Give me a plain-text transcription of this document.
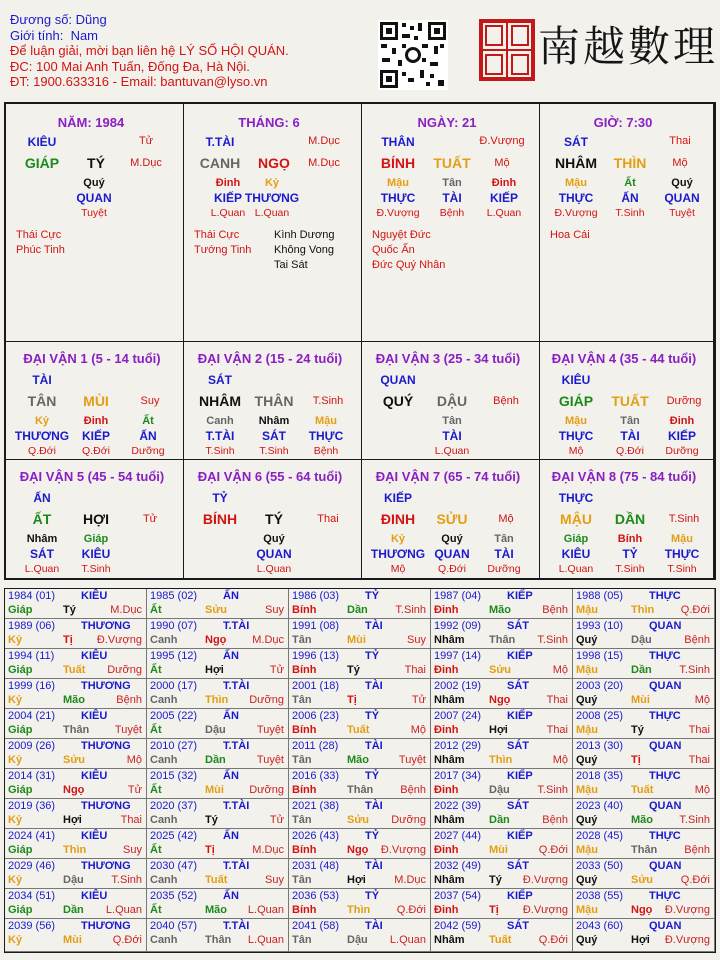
Đương số: Dũng
Giới tính: Nam
Để luận giải, mời bạn liên hệ LÝ SỐ HỘI QUÁN.
ĐC: 100 Mai Anh Tuấn, Đống Đa, Hà Nội.
ĐT: 1900.633316 - Email: bantuvan@lyso.vn
南越數理
NĂM: 1984
KIÊU	Tử
GIÁP TÝ M.Dục
Quý
QUAN
Tuyệt
Thái Cực
Phúc Tinh
THÁNG: 6
T.TÀI	M.Dục
CANH NGỌ M.Dục
Đinh
KIẾP
L.Quan
Kỷ
THƯƠNG
L.Quan
Thái Cực
Tướng Tinh
Kình Dương
Không Vong
Tai Sát
NGÀY: 21
THÂN	Đ.Vượng
BÍNH TUẤT Mộ
Mậu
THỰC
Đ.Vượng
Tân
TÀI
Bệnh
Đinh
KIẾP
L.Quan
Nguyệt Đức
Quốc Ấn
Đức Quý Nhân
GIỜ: 7:30
SÁT	Thai
NHÂM THÌN Mộ
Mậu
THỰC
Đ.Vượng
Ất
ẤN
T.Sinh
Quý
QUAN
Tuyệt
Hoa Cái
ĐẠI VẬN 1 (5 - 14 tuổi)
TÀI
TÂN MÙI	Suy
Kỷ
THƯƠNG
Q.Đới
Đinh
KIẾP
Q.Đới
Ất
ẤN
Dưỡng
ĐẠI VẬN 2 (15 - 24 tuổi)
SÁT
NHÂM THÂN T.Sinh
Canh
T.TÀI
T.Sinh
Nhâm
SÁT
T.Sinh
Mậu
THỰC
Bệnh
ĐẠI VẬN 3 (25 - 34 tuổi)
QUAN
QUÝ DẬU Bệnh
Tân
TÀI
L.Quan
ĐẠI VẬN 4 (35 - 44 tuổi)
KIÊU
GIÁP TUẤT Dưỡng
Mậu
THỰC
Mộ
Tân
TÀI
Q.Đới
Đinh
KIẾP
Dưỡng
ĐẠI VẬN 5 (45 - 54 tuổi)
ẤN
ẤT HỢI	Tử
Nhâm
SÁT
L.Quan
Giáp
KIÊU
T.Sinh
ĐẠI VẬN 6 (55 - 64 tuổi)
TỶ
BÍNH TÝ	Thai
Quý
QUAN
L.Quan
ĐẠI VẬN 7 (65 - 74 tuổi)
KIẾP
ĐINH SỬU	Mộ
Kỷ
THƯƠNG
Mộ
Quý
QUAN
Q.Đới
Tân
TÀI
Dưỡng
ĐẠI VẬN 8 (75 - 84 tuổi)
THỰC
MẬU DẦN T.Sinh
Giáp
KIÊU
L.Quan
Bính
TỶ
T.Sinh
Mậu
THỰC
T.Sinh
1984 (01) KIÊU
Giáp	Tý	M.Dục
1985 (02) ẤN
Ất	Sửu	Suy
1986 (03) TỶ
Bính	Dần	T.Sinh
1987 (04) KIẾP
Đinh	Mão	Bệnh
1988 (05) THỰC
Mậu	Thìn Q.Đới
1989 (06) THƯƠNG
Kỷ	Tị Đ.Vượng
1990 (07) T.TÀI
Canh	Ngọ M.Dục
1991 (08) TÀI
Tân	Mùi	Suy
1992 (09) SÁT
Nhâm Thân T.Sinh
1993 (10) QUAN
Quý	Dậu	Bệnh
1994 (11) KIÊU
Giáp	Tuất Dưỡng
1995 (12) ẤN
Ất	Hợi	Tử
1996 (13) TỶ
Bính	Tý	Thai
1997 (14) KIẾP
Đinh	Sửu	Mộ
1998 (15) THỰC
Mậu	Dần	T.Sinh
1999 (16) THƯƠNG
Kỷ	Mão	Bệnh
2000 (17) T.TÀI
Canh	Thìn Dưỡng
2001 (18) TÀI
Tân	Tị	Tử
2002 (19) SÁT
Nhâm Ngọ	Thai
2003 (20) QUAN
Quý	Mùi	Mộ
2004 (21) KIÊU
Giáp	Thân Tuyệt
2005 (22) ẤN
Ất	Dậu	Tuyệt
2006 (23) TỶ
Bính	Tuất	Mộ
2007 (24) KIẾP
Đinh	Hợi	Thai
2008 (25) THỰC
Mậu	Tý	Thai
2009 (26) THƯƠNG
Kỷ	Sửu	Mộ
2010 (27) T.TÀI
Canh	Dần	Tuyệt
2011 (28) TÀI
Tân	Mão	Tuyệt
2012 (29) SÁT
Nhâm Thìn	Mộ
2013 (30) QUAN
Quý	Tị	Thai
2014 (31) KIÊU
Giáp	Ngọ	Tử
2015 (32) ẤN
Ất	Mùi Dưỡng
2016 (33) TỶ
Bính	Thân Bệnh
2017 (34) KIẾP
Đinh	Dậu	T.Sinh
2018 (35) THỰC
Mậu	Tuất	Mộ
2019 (36) THƯƠNG
Kỷ	Hợi	Thai
2020 (37) T.TÀI
Canh	Tý	Tử
2021 (38) TÀI
Tân	Sửu Dưỡng
2022 (39) SÁT
Nhâm Dần	Bệnh
2023 (40) QUAN
Quý	Mão T.Sinh
2024 (41) KIÊU
Giáp	Thìn	Suy
2025 (42) ẤN
Ất	Tị	M.Dục
2026 (43) TỶ
Bính	Ngọ Đ.Vượng
2027 (44) KIẾP
Đinh	Mùi	Q.Đới
2028 (45) THỰC
Mậu	Thân Bệnh
2029 (46) THƯƠNG
Kỷ	Dậu	T.Sinh
2030 (47) T.TÀI
Canh	Tuất	Suy
2031 (48) TÀI
Tân	Hợi	M.Dục
2032 (49) SÁT
Nhâm Tý Đ.Vượng
2033 (50) QUAN
Quý	Sửu	Q.Đới
2034 (51) KIÊU
Giáp	Dần L.Quan
2035 (52) ẤN
Ất	Mão L.Quan
2036 (53) TỶ
Bính	Thìn Q.Đới
2037 (54) KIẾP
Đinh	Tị Đ.Vượng
2038 (55) THỰC
Mậu	Ngọ Đ.Vượng
2039 (56) THƯƠNG
Kỷ	Mùi	Q.Đới
2040 (57) T.TÀI
Canh	Thân L.Quan
2041 (58) TÀI
Tân	Dậu L.Quan
2042 (59) SÁT
Nhâm Tuất Q.Đới
2043 (60) QUAN
Quý	Hợi Đ.Vượng
